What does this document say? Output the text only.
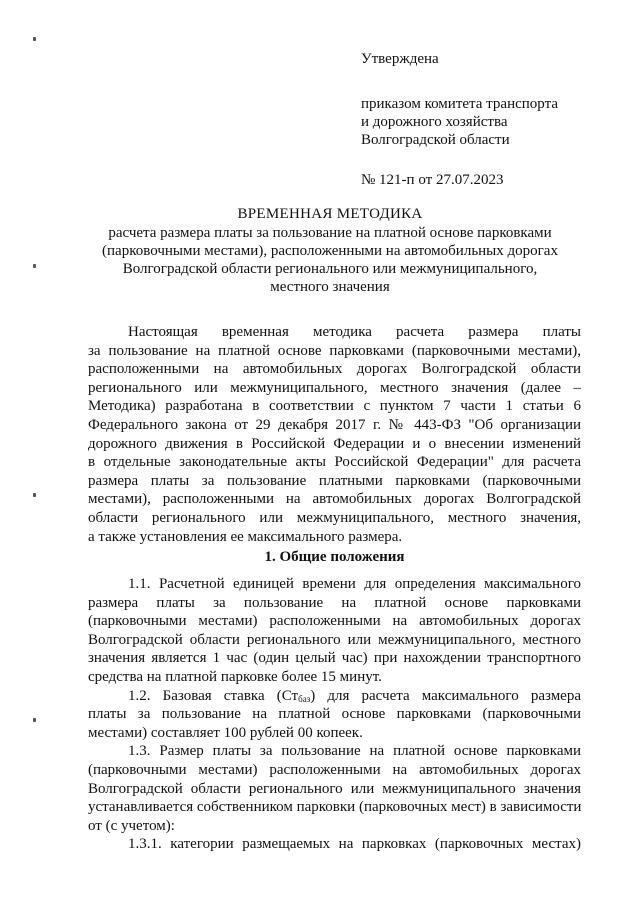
Утверждена
приказом комитета транспорта
и дорожного хозяйства
Волгоградской области
№ 121-п от 27.07.2023
ВРЕМЕННАЯ МЕТОДИКА
расчета размера платы за пользование на платной основе парковками
(парковочными местами), расположенными на автомобильных дорогах
Волгоградской области регионального или межмуниципального,
местного значения
Настоящая временная методика расчета размера платы
за пользование на платной основе парковками (парковочными местами),
расположенными на автомобильных дорогах Волгоградской области
регионального или межмуниципального, местного значения (далее –
Методика) разработана в соответствии с пунктом 7 части 1 статьи 6
Федерального закона от 29 декабря 2017 г. № 443-ФЗ "Об организации
дорожного движения в Российской Федерации и о внесении изменений
в отдельные законодательные акты Российской Федерации" для расчета
размера платы за пользование платными парковками (парковочными
местами), расположенными на автомобильных дорогах Волгоградской
области регионального или межмуниципального, местного значения,
а также установления ее максимального размера.
1. Общие положения
1.1. Расчетной единицей времени для определения максимального
размера платы за пользование на платной основе парковками
(парковочными местами) расположенными на автомобильных дорогах
Волгоградской области регионального или межмуниципального, местного
значения является 1 час (один целый час) при нахождении транспортного
средства на платной парковке более 15 минут.
1.2. Базовая ставка $(Ст_{баз})$ для расчета максимального размера
платы за пользование на платной основе парковками (парковочными
местами) составляет 100 рублей 00 копеек.
1.3. Размер платы за пользование на платной основе парковками
(парковочными местами) расположенными на автомобильных дорогах
Волгоградской области регионального или межмуниципального значения
устанавливается собственником парковки (парковочных мест) в зависимости
от (с учетом):
1.3.1. категории размещаемых на парковках (парковочных местах)
